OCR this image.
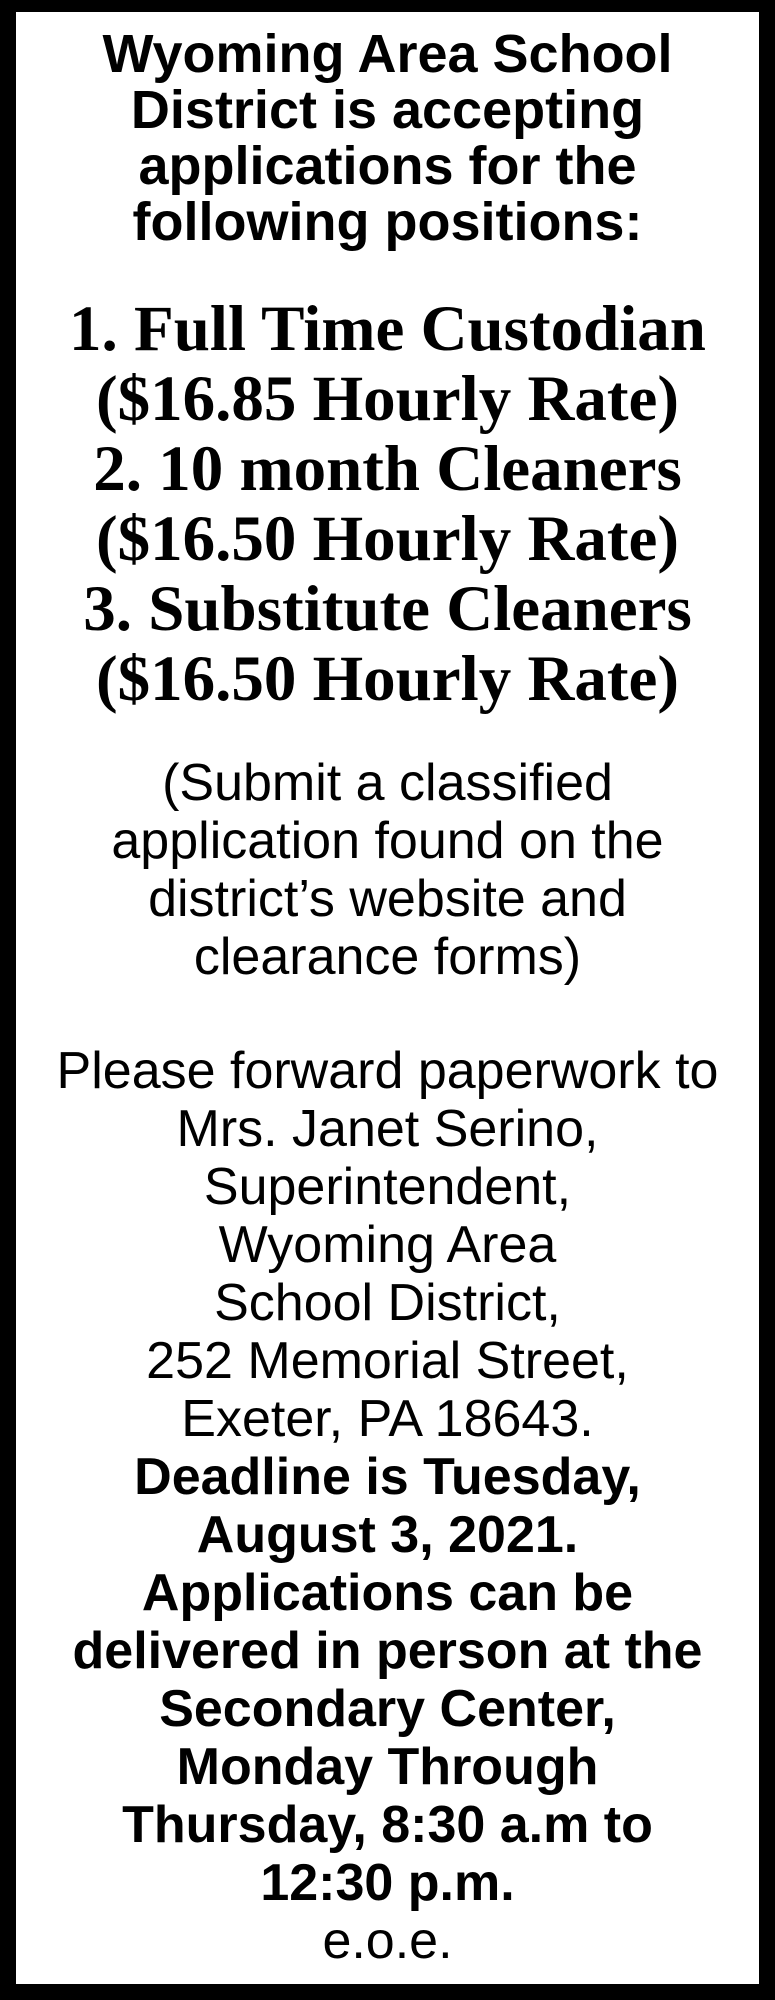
Wyoming Area School District is accepting applications for the following positions:

1. Full Time Custodian
($16.85 Hourly Rate)
2. 10 month Cleaners
($16.50 Hourly Rate)
3. Substitute Cleaners
($16.50 Hourly Rate)

(Submit a classified application found on the district’s website and clearance forms)

Please forward paperwork to
Mrs. Janet Serino,
Superintendent,
Wyoming Area
School District,
252 Memorial Street,
Exeter, PA 18643.

Deadline is Tuesday,
August 3, 2021.
Applications can be
delivered in person at the
Secondary Center,
Monday Through
Thursday, 8:30 a.m to
12:30 p.m.

e.o.e.
